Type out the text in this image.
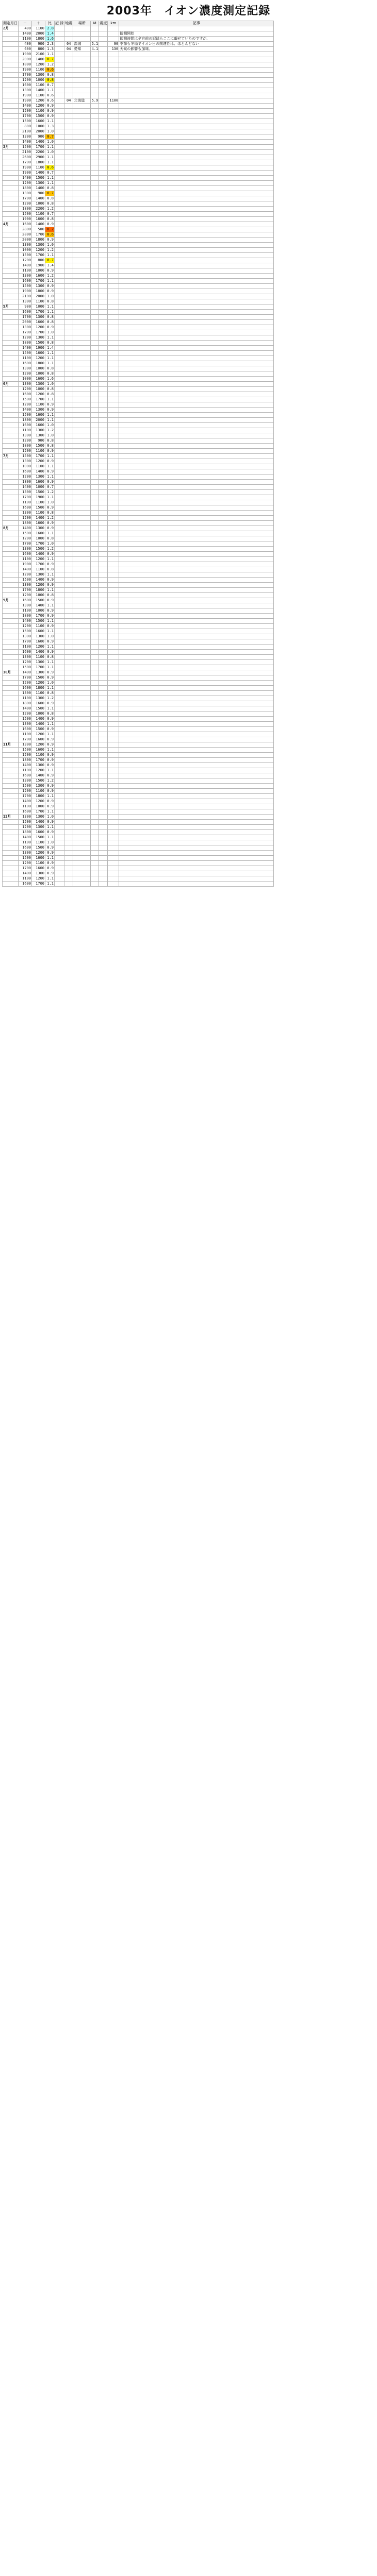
2003年　イオン濃度測定記録
測定月日	－	＋	比	記 録	地震	場所	M	震度	km	記事
2月	400	1100	2.8							
	1400	2000	1.4							観測開始
	1100	1800	1.6							観測時間は夕方前の記録もここに載せていたのですが、
	400	900	2.3		04	茨城	5.1		90	季節も冬場でイオン日の関連性は、ほとんどない
	600	800	1.3		04	愛知	4.1		130	天候の影響も加味。
	1900	2100	1.1							
	2000	1400	0.7							
	1000	1200	1.2							
	1900	1100	0.6							
	1700	1300	0.8							
	1200	1000	0.8							
	1600	1100	0.7							
	1300	1400	1.1							
	1900	1100	0.6							
	1900	1200	0.6		04	北海道	5.9		1100	
	1400	1200	0.9							
	1200	1100	0.9							
	1700	1500	0.9							
	1500	1600	1.1							
	800	1000	1.3							
	2100	2000	1.0							
	1300	900	0.7							
	1400	1400	1.0							
3月	1500	1700	1.1							
	2100	2200	1.0							
	2600	2900	1.1							
	1700	1800	1.1							
	1900	1100	0.6							
	1900	1400	0.7							
	1400	1500	1.1							
	1200	1300	1.1							
	1800	1400	0.8							
	1300	900	0.7							
	1700	1400	0.8							
	1200	1000	0.8							
	1800	2200	1.2							
	1500	1100	0.7							
	1900	1600	0.8							
4月	1600	1400	0.9							
	2800	500	0.2							
	2800	1700	0.6							
	2000	1800	0.9							
	1300	1300	1.0							
	1000	1200	1.2							
	1500	1700	1.1							
	1200	800	0.7							
	1400	1900	1.4							
	1100	1000	0.9							
	1300	1600	1.2							
	1600	1700	1.1							
	1500	1300	0.9							
	1900	1800	0.9							
	2100	2000	1.0							
	1300	1100	0.8							
5月	900	1000	1.1							
	1600	1700	1.1							
	1700	1300	0.8							
	2000	1600	0.8							
	1300	1200	0.9							
	1700	1700	1.0							
	1200	1300	1.1							
	1800	1500	0.8							
	1400	1900	1.4							
	1500	1600	1.1							
	1100	1200	1.1							
	1600	1800	1.1							
	1300	1000	0.8							
	1200	1000	0.8							
	1000	1600	1.6							
6月	1300	1300	1.0							
	1200	1000	0.8							
	1600	1200	0.8							
	1500	1700	1.1							
	1200	1100	0.9							
	1400	1300	0.9							
	1500	1600	1.1							
	1800	2000	1.1							
	1600	1600	1.0							
	1100	1300	1.2							
	1300	1300	1.0							
	1200	900	0.8							
	1800	1500	0.8							
	1200	1100	0.9							
7月	1500	1700	1.1							
	1300	1200	0.9							
	1000	1100	1.1							
	1600	1400	0.9							
	1200	1300	1.1							
	1800	1600	0.9							
	1400	1000	0.7							
	1300	1500	1.2							
	1700	1900	1.1							
	1100	1100	1.0							
	1600	1500	0.9							
	1300	1100	0.8							
	1200	1400	1.2							
	1800	1600	0.9							
8月	1400	1300	0.9							
	1500	1600	1.1							
	1200	1000	0.8							
	1700	1700	1.0							
	1300	1500	1.2							
	1600	1400	0.9							
	1100	1200	1.1							
	1900	1700	0.9							
	1400	1100	0.8							
	1200	1300	1.1							
	1500	1400	0.9							
	1300	1200	0.9							
	1700	1800	1.1							
	1200	1000	0.8							
9月	1600	1500	0.9							
	1300	1400	1.1							
	1100	1000	0.9							
	1800	1700	0.9							
	1400	1500	1.1							
	1200	1100	0.9							
	1500	1600	1.1							
	1300	1300	1.0							
	1700	1600	0.9							
	1100	1200	1.1							
	1600	1400	0.9							
	1300	1100	0.8							
	1200	1300	1.1							
	1500	1700	1.1							
10月	1400	1300	0.9							
	1700	1500	0.9							
	1200	1200	1.0							
	1600	1800	1.1							
	1300	1100	0.8							
	1100	1300	1.2							
	1800	1600	0.9							
	1400	1500	1.1							
	1200	1000	0.8							
	1500	1400	0.9							
	1300	1400	1.1							
	1600	1500	0.9							
	1100	1200	1.1							
	1700	1600	0.9							
11月	1300	1200	0.9							
	1500	1600	1.1							
	1200	1100	0.9							
	1800	1700	0.9							
	1400	1300	0.9							
	1100	1200	1.1							
	1600	1400	0.9							
	1300	1500	1.2							
	1500	1300	0.9							
	1200	1100	0.9							
	1700	1800	1.1							
	1400	1200	0.9							
	1100	1000	0.9							
	1600	1700	1.1							
12月	1300	1300	1.0							
	1500	1400	0.9							
	1200	1300	1.1							
	1800	1600	0.9							
	1400	1500	1.1							
	1100	1100	1.0							
	1600	1500	0.9							
	1300	1200	0.9							
	1500	1600	1.1							
	1200	1100	0.9							
	1700	1600	0.9							
	1400	1300	0.9							
	1100	1200	1.1							
	1600	1700	1.1							
